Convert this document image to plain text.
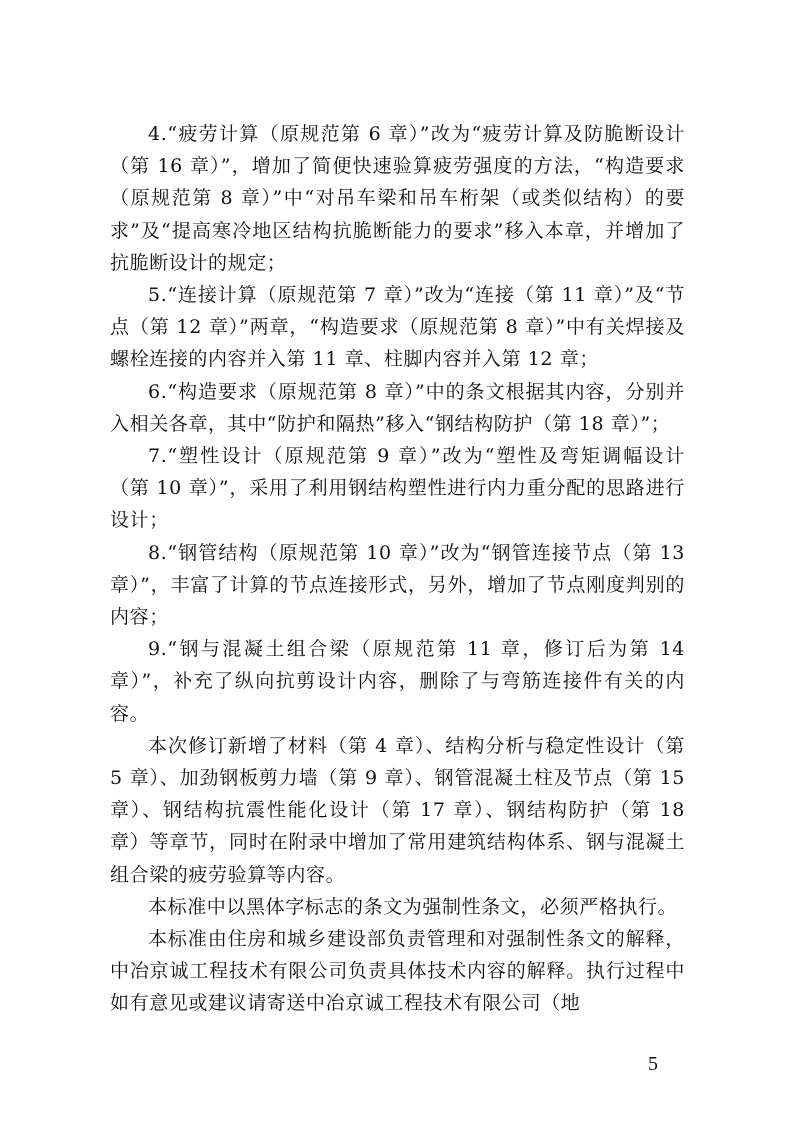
4.“疲劳计算（原规范第 6 章）”改为“疲劳计算及防脆断设计（第 16 章）”，增加了简便快速验算疲劳强度的方法，“构造要求（原规范第 8 章）”中“对吊车梁和吊车桁架（或类似结构）的要求”及“提高寒冷地区结构抗脆断能力的要求”移入本章，并增加了抗脆断设计的规定；

5.“连接计算（原规范第 7 章）”改为“连接（第 11 章）”及“节点（第 12 章）”两章，“构造要求（原规范第 8 章）”中有关焊接及螺栓连接的内容并入第 11 章、柱脚内容并入第 12 章；

6.“构造要求（原规范第 8 章）”中的条文根据其内容，分别并入相关各章，其中“防护和隔热”移入“钢结构防护（第 18 章）”；

7.“塑性设计（原规范第 9 章）”改为“塑性及弯矩调幅设计（第 10 章）”，采用了利用钢结构塑性进行内力重分配的思路进行设计；

8.“钢管结构（原规范第 10 章）”改为“钢管连接节点（第 13 章）”，丰富了计算的节点连接形式，另外，增加了节点刚度判别的内容；

9.“钢与混凝土组合梁（原规范第 11 章，修订后为第 14 章）”，补充了纵向抗剪设计内容，删除了与弯筋连接件有关的内容。

本次修订新增了材料（第 4 章）、结构分析与稳定性设计（第 5 章）、加劲钢板剪力墙（第 9 章）、钢管混凝土柱及节点（第 15 章）、钢结构抗震性能化设计（第 17 章）、钢结构防护（第 18 章）等章节，同时在附录中增加了常用建筑结构体系、钢与混凝土组合梁的疲劳验算等内容。

本标准中以黑体字标志的条文为强制性条文，必须严格执行。

本标准由住房和城乡建设部负责管理和对强制性条文的解释，中冶京诚工程技术有限公司负责具体技术内容的解释。执行过程中如有意见或建议请寄送中冶京诚工程技术有限公司（地

5
